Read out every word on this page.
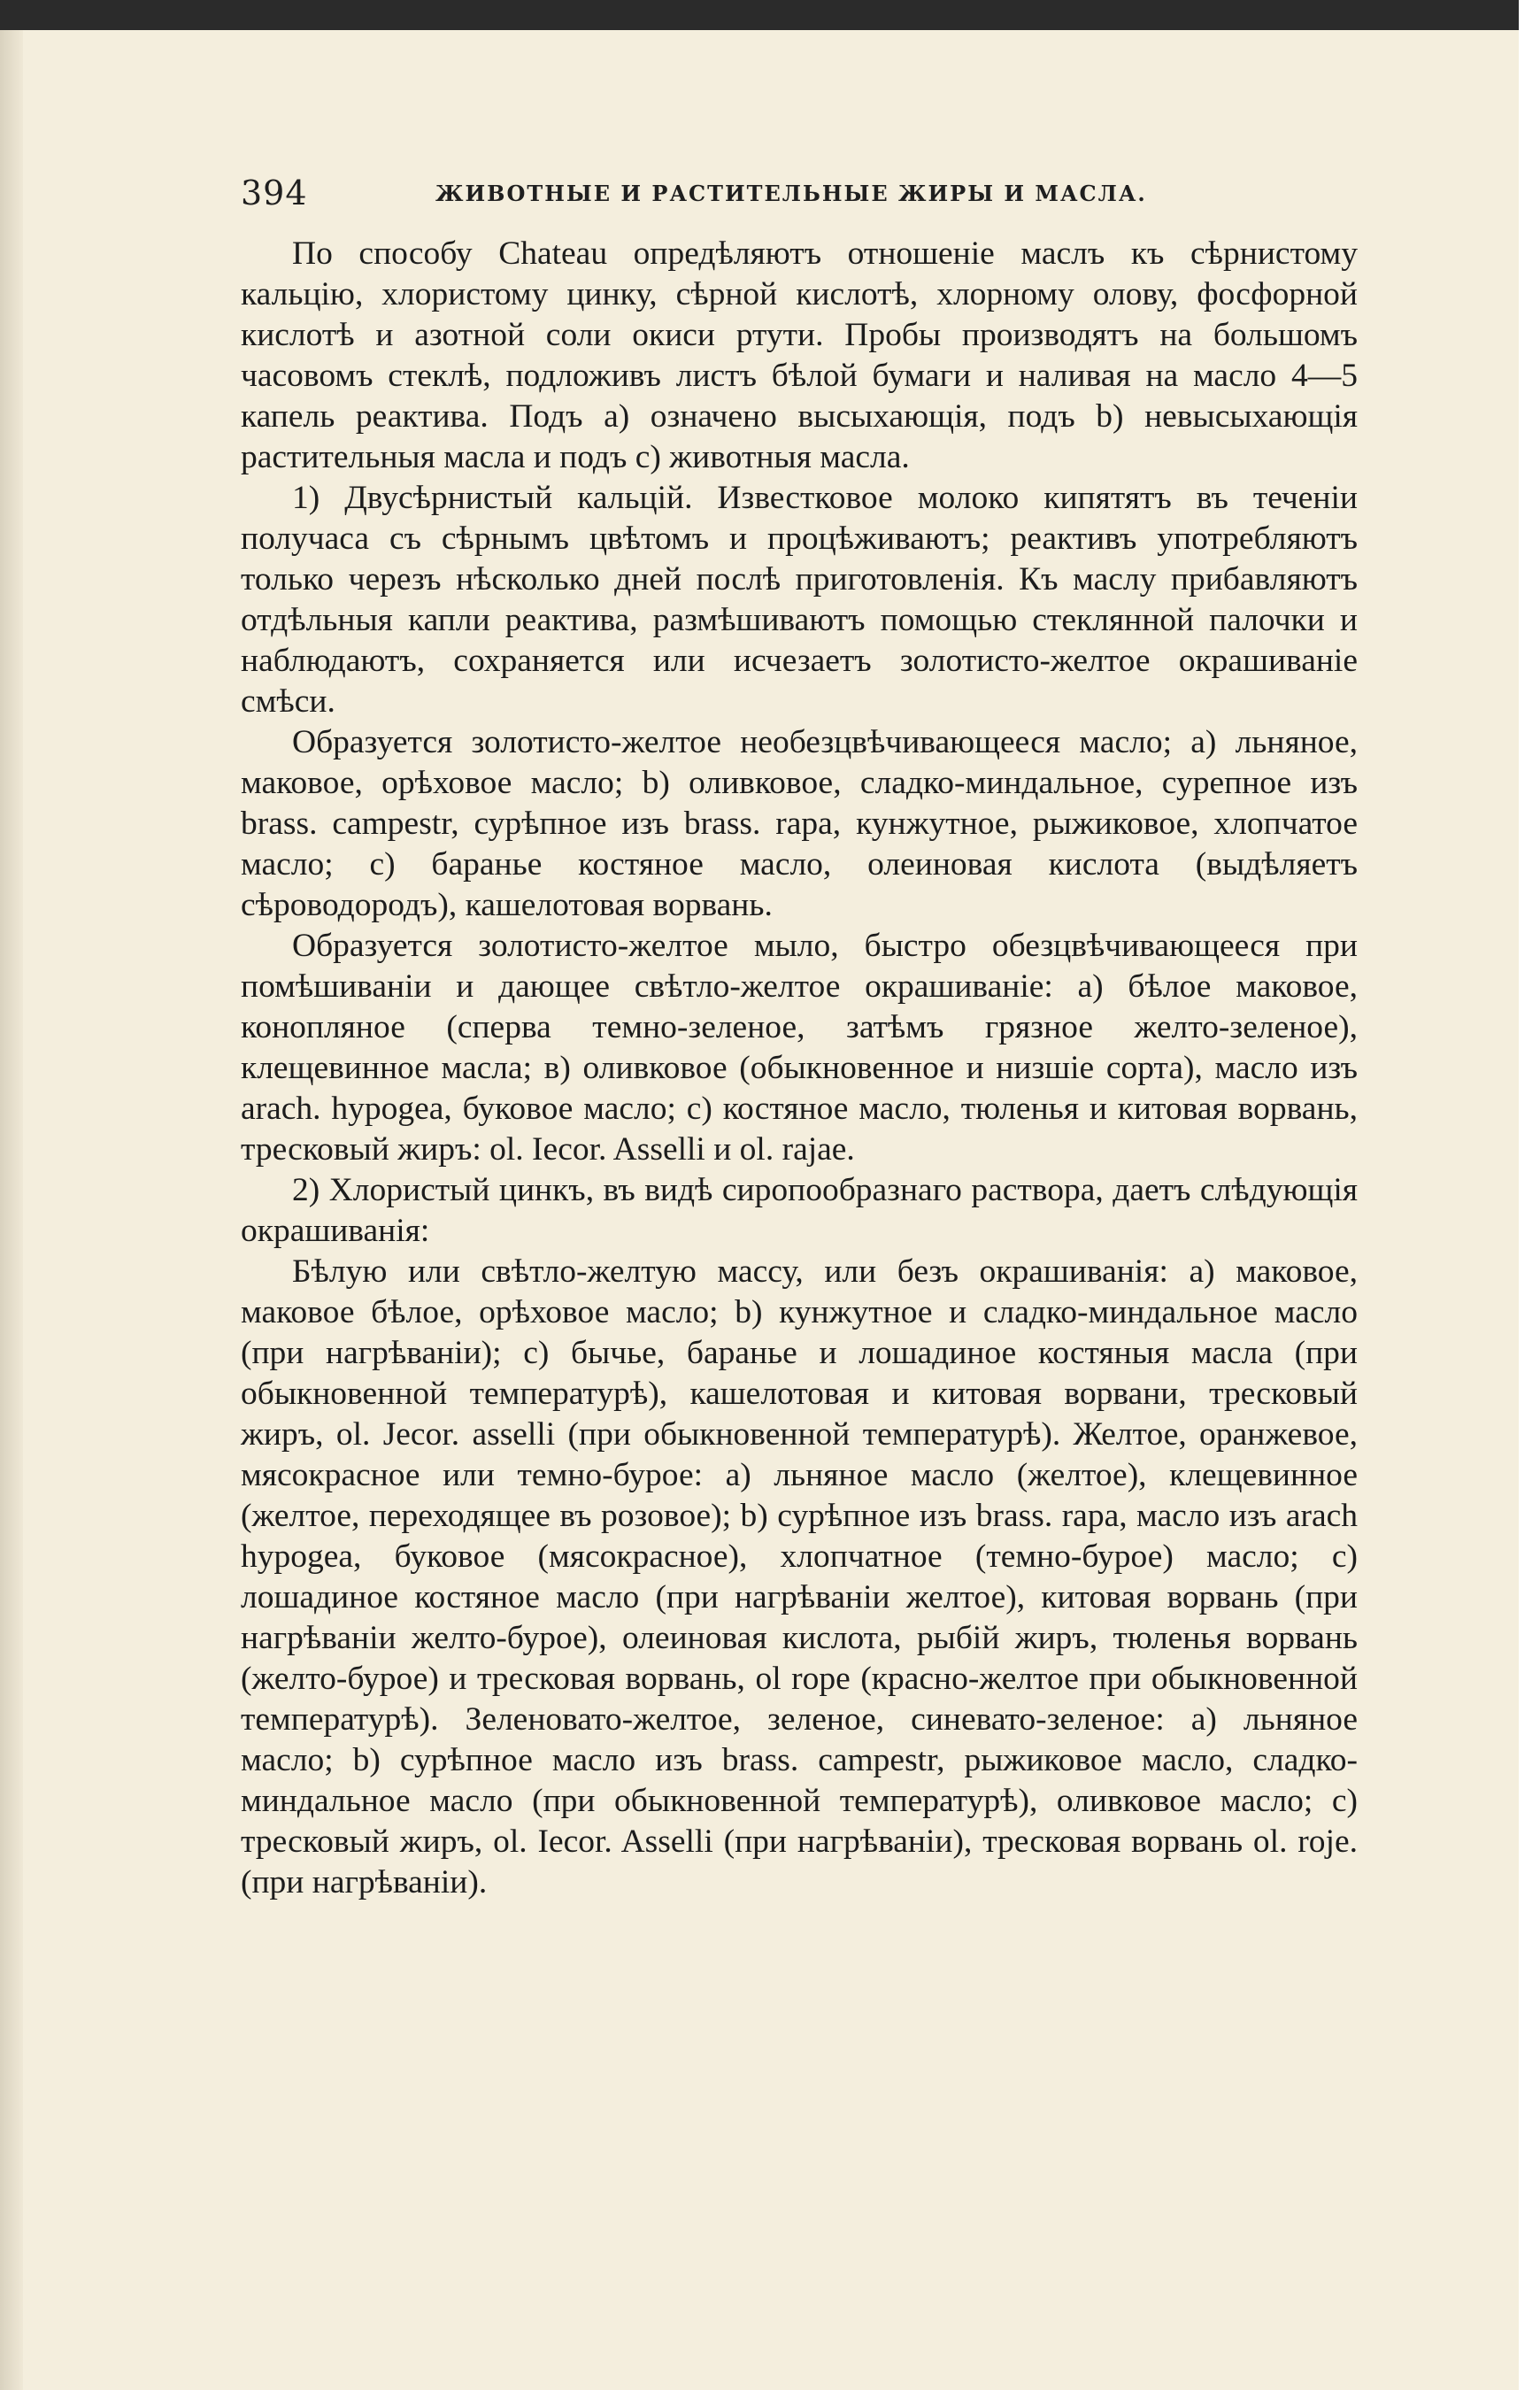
394	ЖИВОТНЫЕ И РАСТИТЕЛЬНЫЕ ЖИРЫ И МАСЛА.

По способу Chateau опредѣляютъ отношеніе маслъ къ сѣрнистому кальцію, хлористому цинку, сѣрной кислотѣ, хлорному олову, фосфорной кислотѣ и азотной соли окиси ртути. Пробы производятъ на большомъ часовомъ стеклѣ, подложивъ листъ бѣлой бумаги и наливая на масло 4—5 капель реактива. Подъ a) означено высыхающія, подъ b) невысыхающія растительныя масла и подъ с) животныя масла.

1) Двусѣрнистый кальцій. Известковое молоко кипятятъ въ теченіи получаса съ сѣрнымъ цвѣтомъ и процѣживаютъ; реактивъ употребляютъ только черезъ нѣсколько дней послѣ приготовленія. Къ маслу прибавляютъ отдѣльныя капли реактива, размѣшиваютъ помощью стеклянной палочки и наблюдаютъ, сохраняется или исчезаетъ золотисто-желтое окрашиваніе смѣси.

Образуется золотисто-желтое необезцвѣчивающееся масло; а) льняное, маковое, орѣховое масло; b) оливковое, сладко-миндальное, сурепное изъ brass. campestr, сурѣпное изъ brass. rapa, кунжутное, рыжиковое, хлопчатое масло; с) баранье костяное масло, олеиновая кислота (выдѣляетъ сѣроводородъ), кашелотовая ворвань.

Образуется золотисто-желтое мыло, быстро обезцвѣчивающееся при помѣшиваніи и дающее свѣтло-желтое окрашиваніе: а) бѣлое маковое, конопляное (сперва темно-зеленое, затѣмъ грязное желто-зеленое), клещевинное масла; в) оливковое (обыкновенное и низшіе сорта), масло изъ arach. hypogea, буковое масло; с) костяное масло, тюленья и китовая ворвань, тресковый жиръ: ol. Iecor. Asselli и ol. rajae.

2) Хлористый цинкъ, въ видѣ сиропообразнаго раствора, даетъ слѣдующія окрашиванія:

Бѣлую или свѣтло-желтую массу, или безъ окрашиванія: а) маковое, маковое бѣлое, орѣховое масло; b) кунжутное и сладко-миндальное масло (при нагрѣваніи); с) бычье, баранье и лошадиное костяныя масла (при обыкновенной температурѣ), кашелотовая и китовая ворвани, тресковый жиръ, ol. Jecor. asselli (при обыкновенной температурѣ). Желтое, оранжевое, мясокрасное или темно-бурое: а) льняное масло (желтое), клещевинное (желтое, переходящее въ розовое); b) сурѣпное изъ brass. rapa, масло изъ arach hypogea, буковое (мясокрасное), хлопчатное (темно-бурое) масло; с) лошадиное костяное масло (при нагрѣваніи желтое), китовая ворвань (при нагрѣваніи желто-бурое), олеиновая кислота, рыбій жиръ, тюленья ворвань (желто-бурое) и тресковая ворвань, ol rope (красно-желтое при обыкновенной температурѣ). Зеленовато-желтое, зеленое, синевато-зеленое: а) льняное масло; b) сурѣпное масло изъ brass. campestr, рыжиковое масло, сладко-миндальное масло (при обыкновенной температурѣ), оливковое масло; с) тресковый жиръ, ol. Iecor. Asselli (при нагрѣваніи), тресковая ворвань ol. roje. (при нагрѣваніи).
